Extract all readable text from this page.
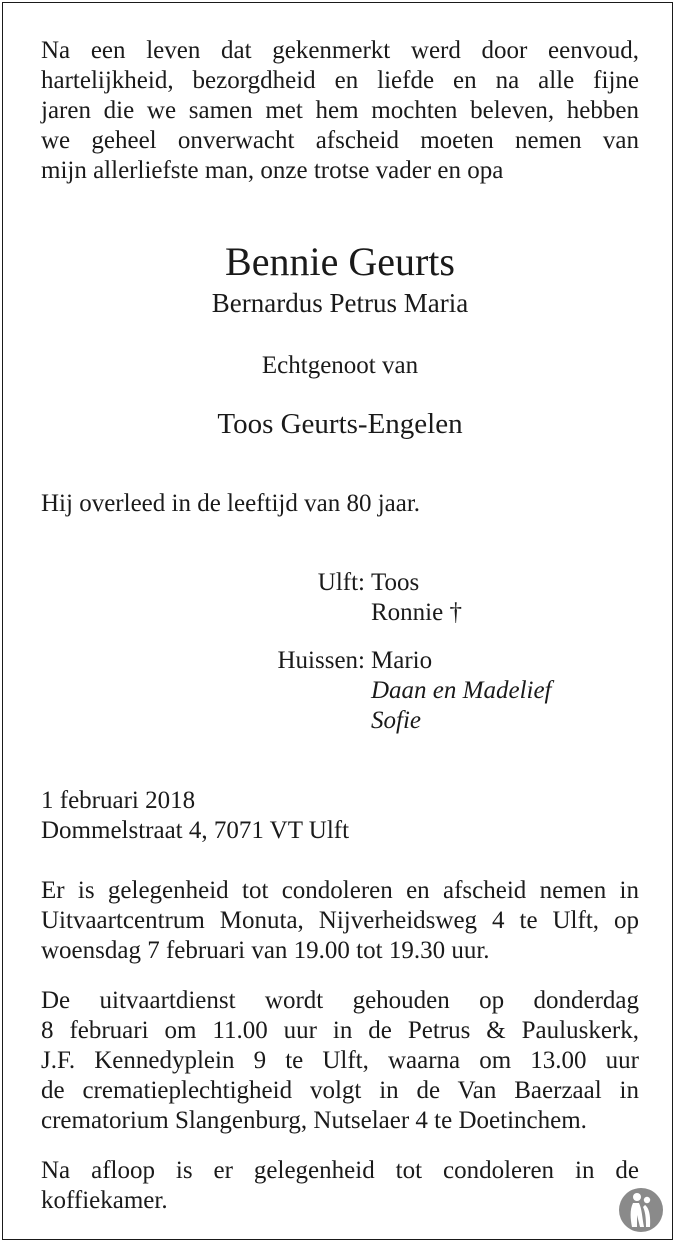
Na een leven dat gekenmerkt werd door eenvoud,
hartelijkheid, bezorgdheid en liefde en na alle fijne
jaren die we samen met hem mochten beleven, hebben
we geheel onverwacht afscheid moeten nemen van
mijn allerliefste man, onze trotse vader en opa
Bennie Geurts
Bernardus Petrus Maria
Echtgenoot van
Toos Geurts-Engelen
Hij overleed in de leeftijd van 80 jaar.
Ulft: Toos
Ronnie †
Huissen: Mario
Daan en Madelief
Sofie
1 februari 2018
Dommelstraat 4, 7071 VT Ulft
Er is gelegenheid tot condoleren en afscheid nemen in
Uitvaartcentrum Monuta, Nijverheidsweg 4 te Ulft, op
woensdag 7 februari van 19.00 tot 19.30 uur.
De uitvaartdienst wordt gehouden op donderdag
8 februari om 11.00 uur in de Petrus & Pauluskerk,
J.F. Kennedyplein 9 te Ulft, waarna om 13.00 uur
de crematieplechtigheid volgt in de Van Baerzaal in
crematorium Slangenburg, Nutselaer 4 te Doetinchem.
Na afloop is er gelegenheid tot condoleren in de
koffiekamer.
